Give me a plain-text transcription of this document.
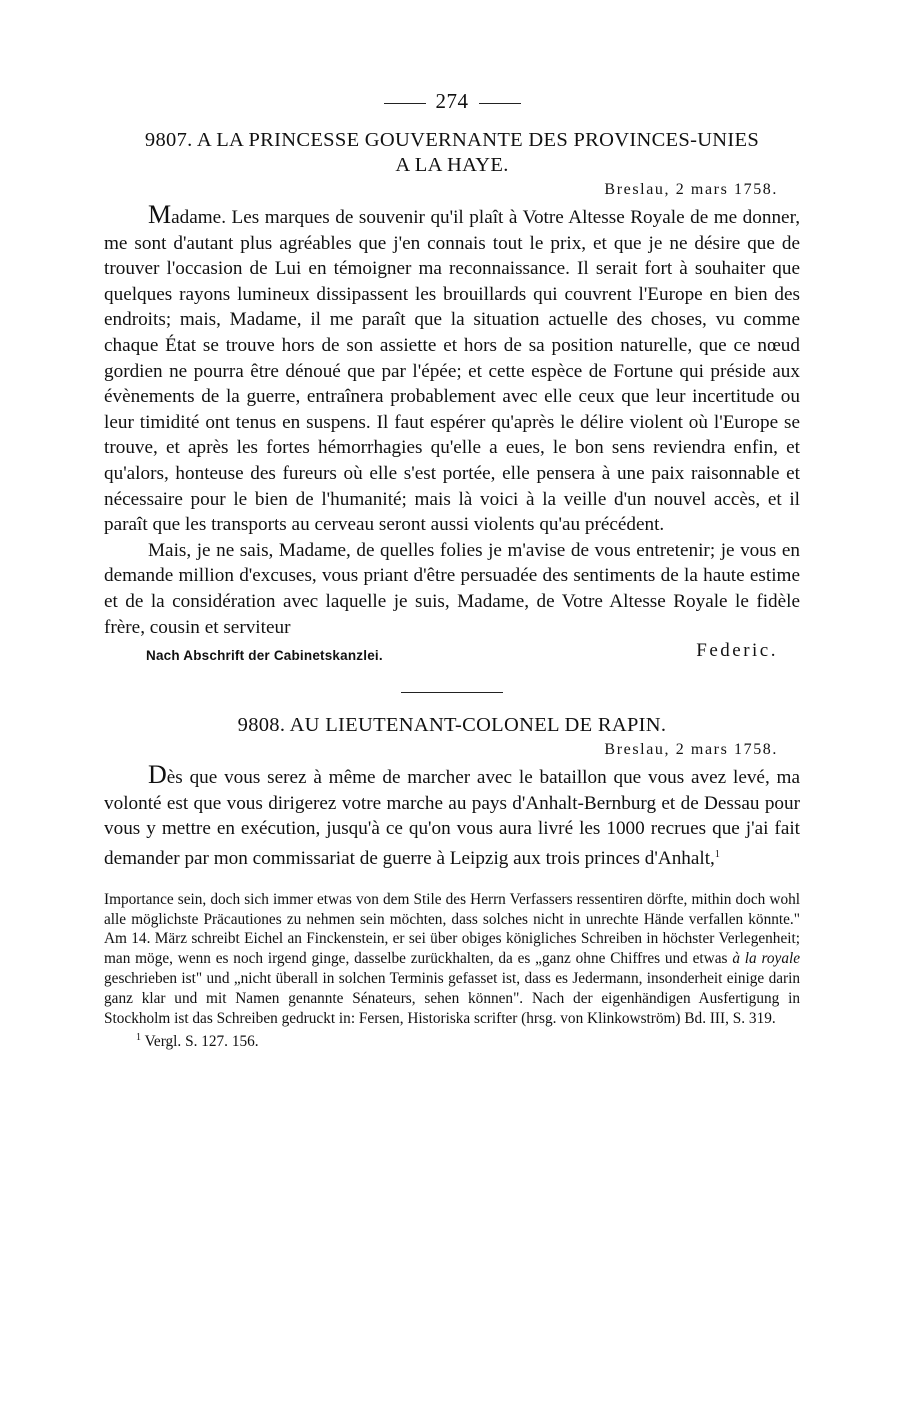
274
9807. A LA PRINCESSE GOUVERNANTE DES PROVINCES-UNIES
A LA HAYE.
Breslau, 2 mars 1758.

Madame. Les marques de souvenir qu'il plaît à Votre Altesse Royale de me donner, me sont d'autant plus agréables que j'en connais tout le prix, et que je ne désire que de trouver l'occasion de Lui en témoigner ma reconnaissance. Il serait fort à souhaiter que quelques rayons lumineux dissipassent les brouillards qui couvrent l'Europe en bien des endroits; mais, Madame, il me paraît que la situation actuelle des choses, vu comme chaque État se trouve hors de son assiette et hors de sa position naturelle, que ce nœud gordien ne pourra être dénoué que par l'épée; et cette espèce de Fortune qui préside aux évènements de la guerre, entraînera probablement avec elle ceux que leur incertitude ou leur timidité ont tenus en suspens. Il faut espérer qu'après le délire violent où l'Europe se trouve, et après les fortes hémorrhagies qu'elle a eues, le bon sens reviendra enfin, et qu'alors, honteuse des fureurs où elle s'est portée, elle pensera à une paix raisonnable et nécessaire pour le bien de l'humanité; mais là voici à la veille d'un nouvel accès, et il paraît que les transports au cerveau seront aussi violents qu'au précédent.

Mais, je ne sais, Madame, de quelles folies je m'avise de vous entretenir; je vous en demande million d'excuses, vous priant d'être persuadée des sentiments de la haute estime et de la considération avec laquelle je suis, Madame, de Votre Altesse Royale le fidèle frère, cousin et serviteur

Nach Abschrift der Cabinetskanzlei.	Federic.
9808. AU LIEUTENANT-COLONEL DE RAPIN.
Breslau, 2 mars 1758.

Dès que vous serez à même de marcher avec le bataillon que vous avez levé, ma volonté est que vous dirigerez votre marche au pays d'Anhalt-Bernburg et de Dessau pour vous y mettre en exécution, jusqu'à ce qu'on vous aura livré les 1000 recrues que j'ai fait demander par mon commissariat de guerre à Leipzig aux trois princes d'Anhalt,$^1$

Importance sein, doch sich immer etwas von dem Stile des Herrn Verfassers ressentiren dörfte, mithin doch wohl alle möglichste Präcautiones zu nehmen sein möchten, dass solches nicht in unrechte Hände verfallen könnte." Am 14. März schreibt Eichel an Finckenstein, er sei über obiges königliches Schreiben in höchster Verlegenheit; man möge, wenn es noch irgend ginge, dasselbe zurückhalten, da es „ganz ohne Chiffres und etwas à la royale geschrieben ist" und „nicht überall in solchen Terminis gefasset ist, dass es Jedermann, insonderheit einige darin ganz klar und mit Namen genannte Sénateurs, sehen können". Nach der eigenhändigen Ausfertigung in Stockholm ist das Schreiben gedruckt in: Fersen, Historiska scrifter (hrsg. von Klinkowström) Bd. III, S. 319.

$^1$ Vergl. S. 127. 156.
